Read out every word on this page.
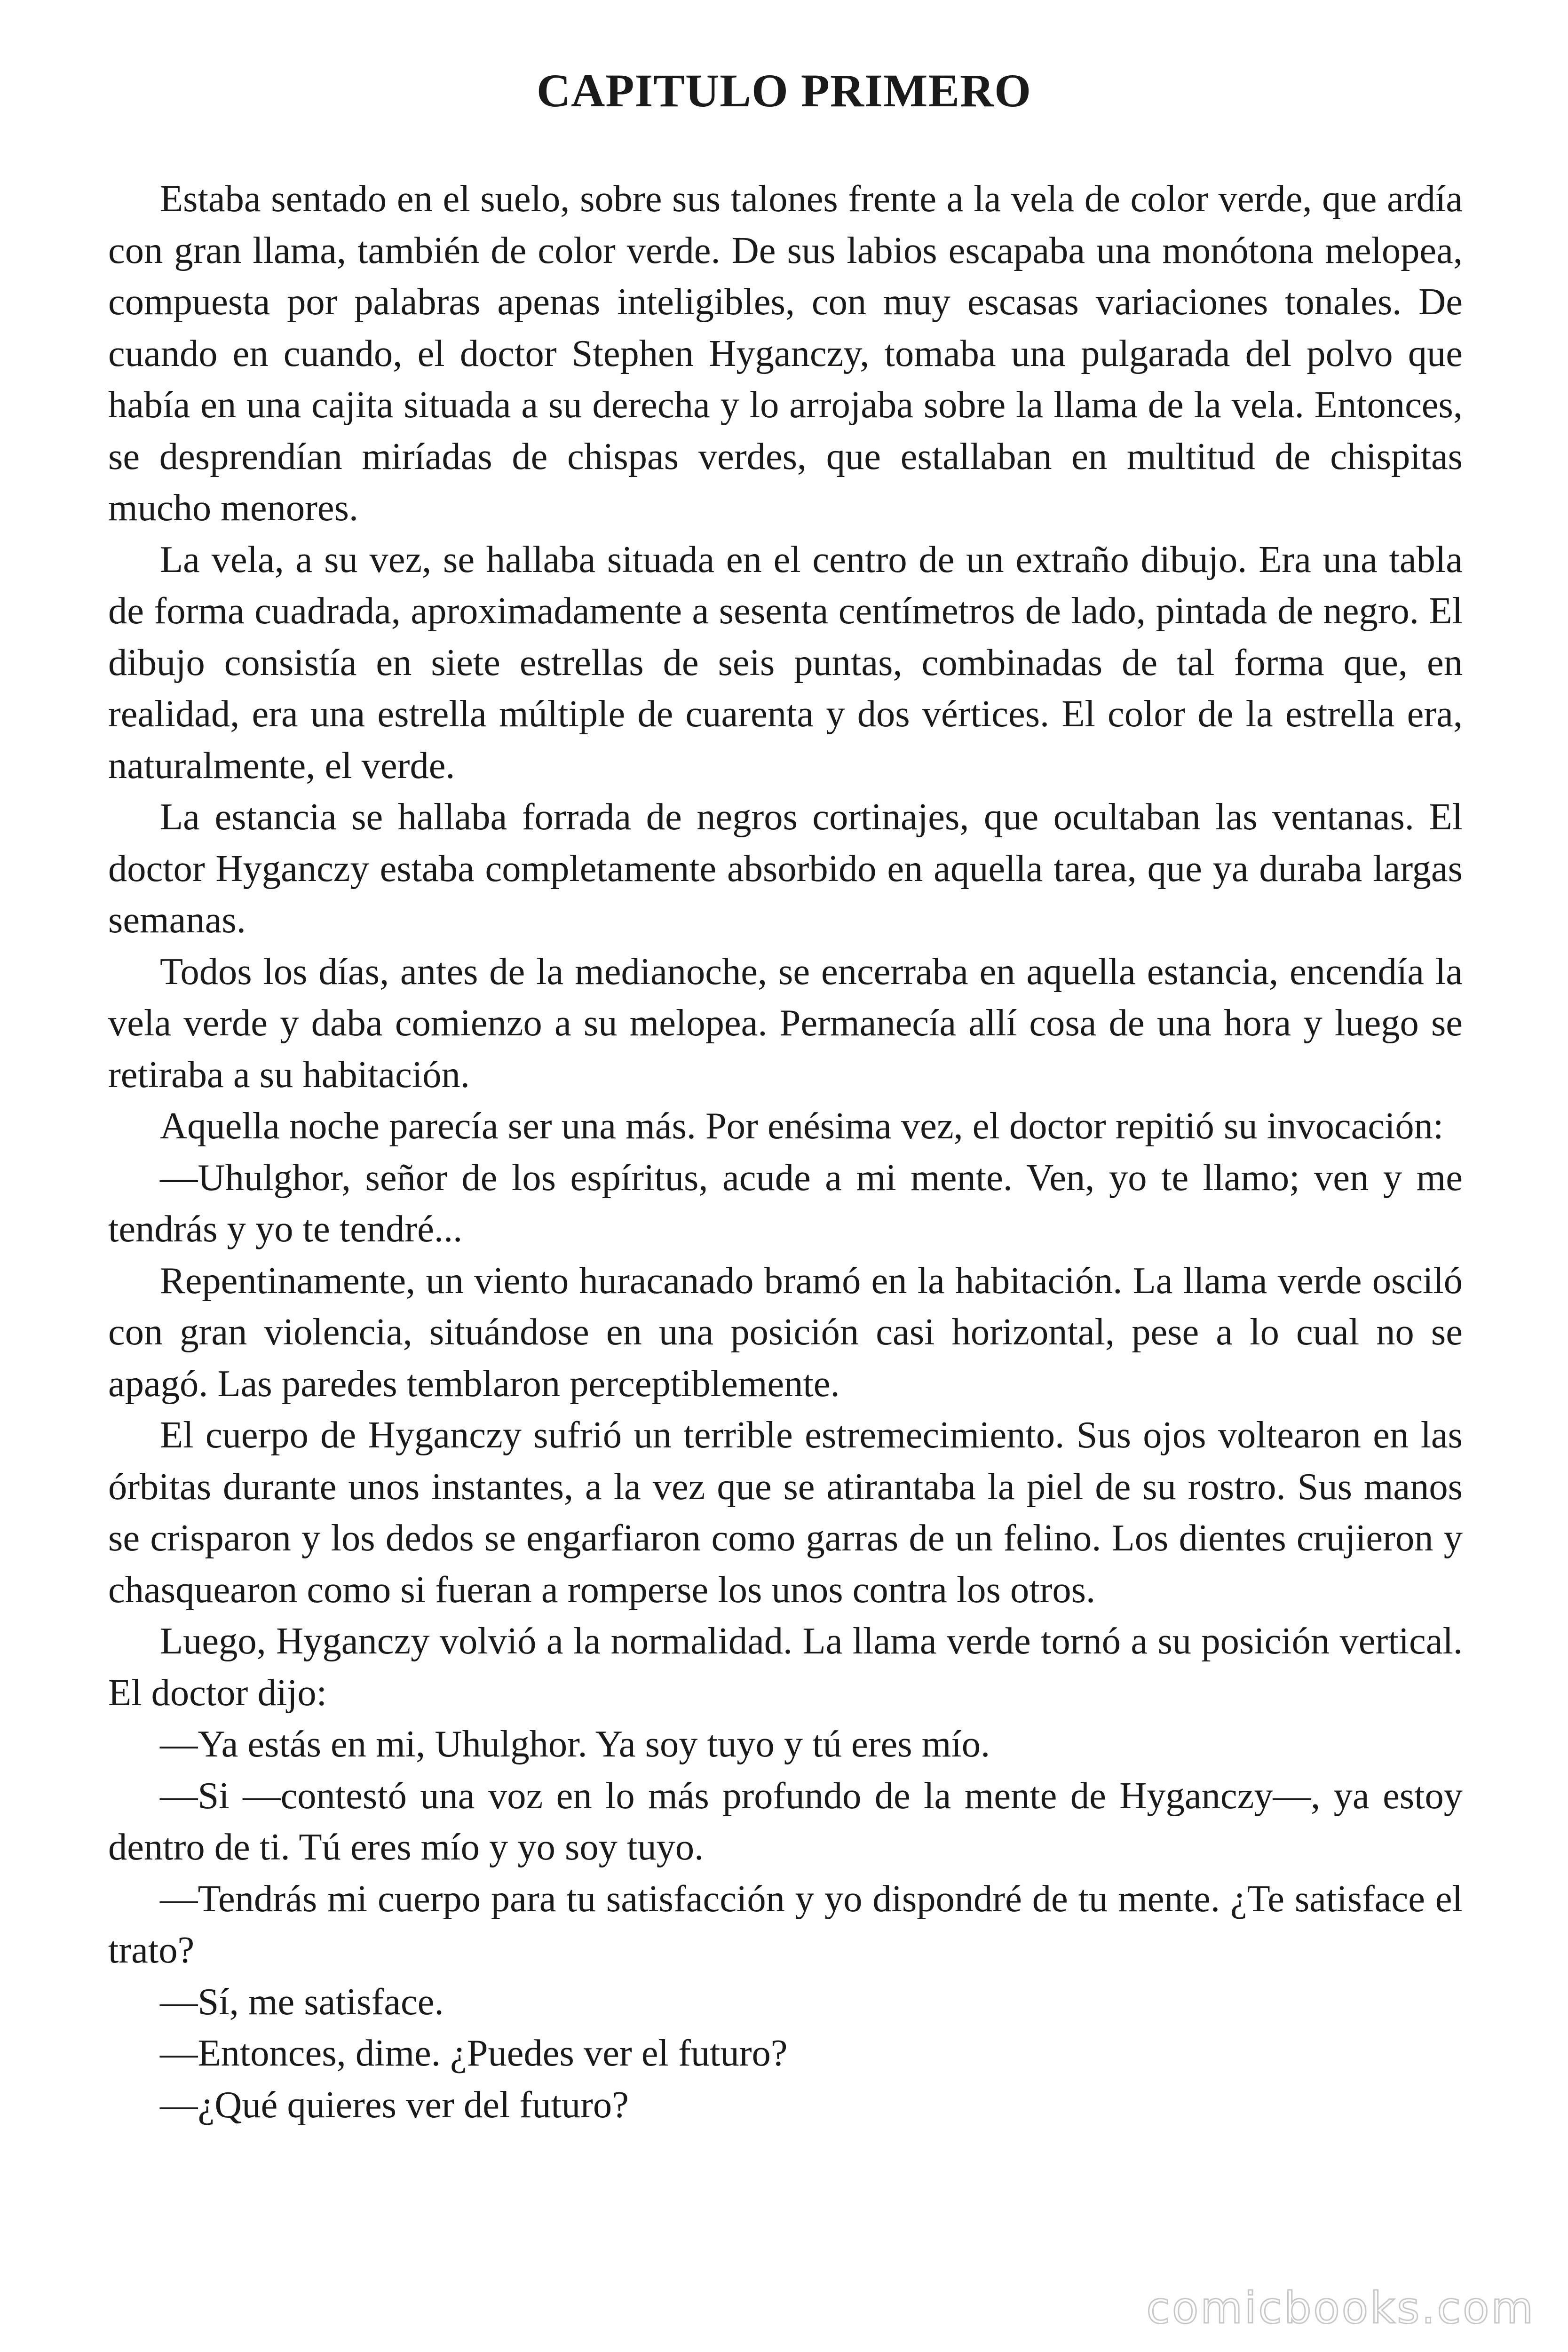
CAPITULO PRIMERO

Estaba sentado en el suelo, sobre sus talones frente a la vela de color verde, que ardía con gran llama, también de color verde. De sus labios escapaba una monótona melopea, compuesta por palabras apenas inteligibles, con muy escasas variaciones tonales. De cuando en cuando, el doctor Stephen Hyganczy, tomaba una pulgarada del polvo que había en una cajita situada a su derecha y lo arrojaba sobre la llama de la vela. Entonces, se desprendían miríadas de chispas verdes, que estallaban en multitud de chispitas mucho menores.

La vela, a su vez, se hallaba situada en el centro de un extraño dibujo. Era una tabla de forma cuadrada, aproximadamente a sesenta centímetros de lado, pintada de negro. El dibujo consistía en siete estrellas de seis puntas, combinadas de tal forma que, en realidad, era una estrella múltiple de cuarenta y dos vértices. El color de la estrella era, naturalmente, el verde.

La estancia se hallaba forrada de negros cortinajes, que ocultaban las ventanas. El doctor Hyganczy estaba completamente absorbido en aquella tarea, que ya duraba largas semanas.

Todos los días, antes de la medianoche, se encerraba en aquella estancia, encendía la vela verde y daba comienzo a su melopea. Permanecía allí cosa de una hora y luego se retiraba a su habitación.

Aquella noche parecía ser una más. Por enésima vez, el doctor repitió su invocación:

—Uhulghor, señor de los espíritus, acude a mi mente. Ven, yo te llamo; ven y me tendrás y yo te tendré...

Repentinamente, un viento huracanado bramó en la habitación. La llama verde osciló con gran violencia, situándose en una posición casi horizontal, pese a lo cual no se apagó. Las paredes temblaron perceptiblemente.

El cuerpo de Hyganczy sufrió un terrible estremecimiento. Sus ojos voltearon en las órbitas durante unos instantes, a la vez que se atirantaba la piel de su rostro. Sus manos se crisparon y los dedos se engarfiaron como garras de un felino. Los dientes crujieron y chasquearon como si fueran a romperse los unos contra los otros.

Luego, Hyganczy volvió a la normalidad. La llama verde tornó a su posición vertical. El doctor dijo:

—Ya estás en mi, Uhulghor. Ya soy tuyo y tú eres mío.

—Si —contestó una voz en lo más profundo de la mente de Hyganczy—, ya estoy dentro de ti. Tú eres mío y yo soy tuyo.

—Tendrás mi cuerpo para tu satisfacción y yo dispondré de tu mente. ¿Te satisface el trato?

—Sí, me satisface.

—Entonces, dime. ¿Puedes ver el futuro?

—¿Qué quieres ver del futuro?

comicbooks.com
